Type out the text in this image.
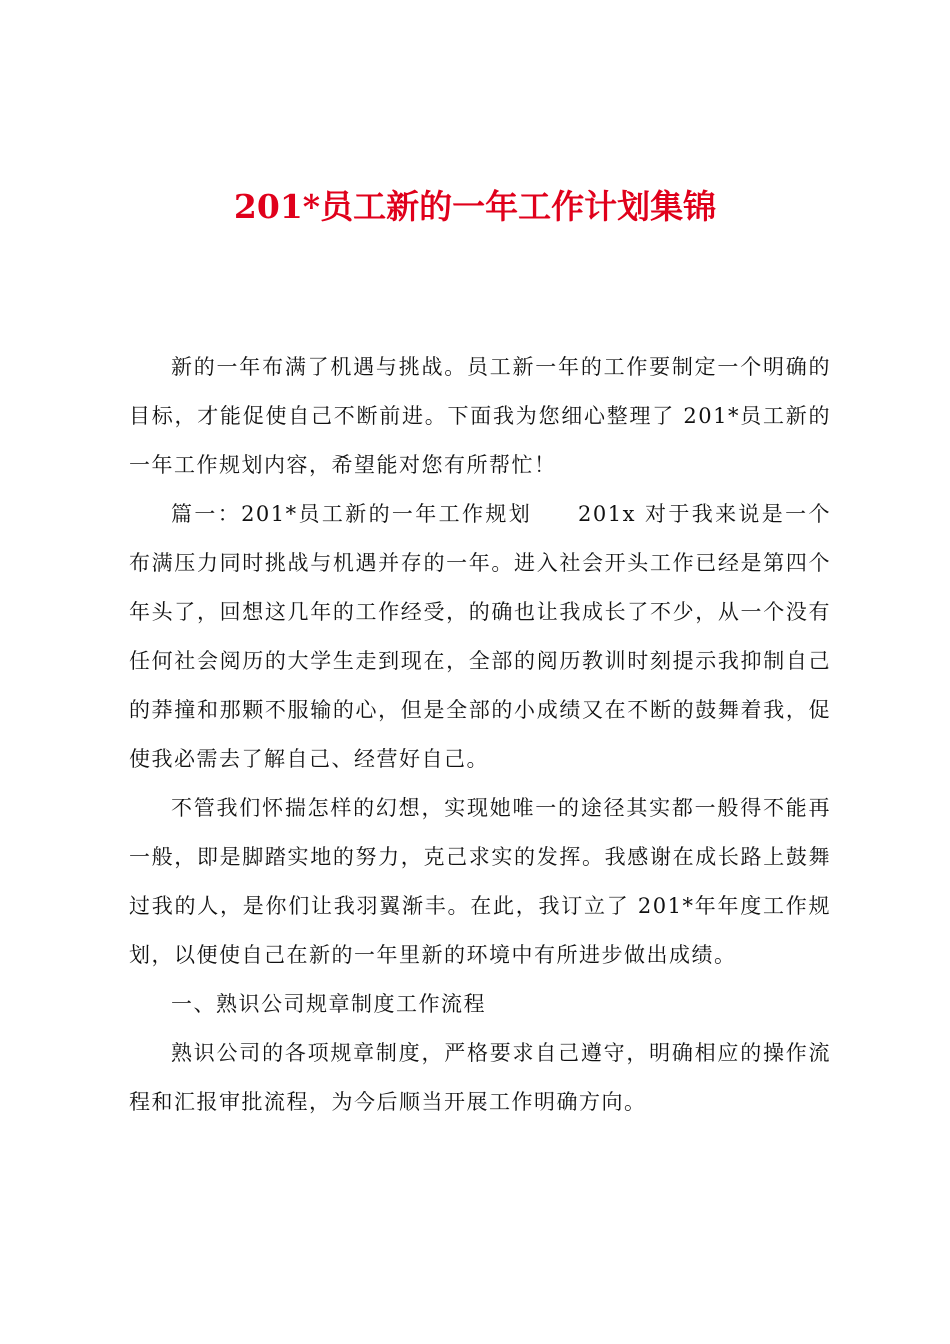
201*员工新的一年工作计划集锦

新的一年布满了机遇与挑战。员工新一年的工作要制定一个明确的目标，才能促使自己不断前进。下面我为您细心整理了 201*员工新的一年工作规划内容，希望能对您有所帮忙！

篇一：201*员工新的一年工作规划 201x 对于我来说是一个布满压力同时挑战与机遇并存的一年。进入社会开头工作已经是第四个年头了，回想这几年的工作经受，的确也让我成长了不少，从一个没有任何社会阅历的大学生走到现在，全部的阅历教训时刻提示我抑制自己的莽撞和那颗不服输的心，但是全部的小成绩又在不断的鼓舞着我，促使我必需去了解自己、经营好自己。

不管我们怀揣怎样的幻想，实现她唯一的途径其实都一般得不能再一般，即是脚踏实地的努力，克己求实的发挥。我感谢在成长路上鼓舞过我的人，是你们让我羽翼渐丰。在此，我订立了 201*年年度工作规划，以便使自己在新的一年里新的环境中有所进步做出成绩。

一、熟识公司规章制度工作流程

熟识公司的各项规章制度，严格要求自己遵守，明确相应的操作流程和汇报审批流程，为今后顺当开展工作明确方向。
